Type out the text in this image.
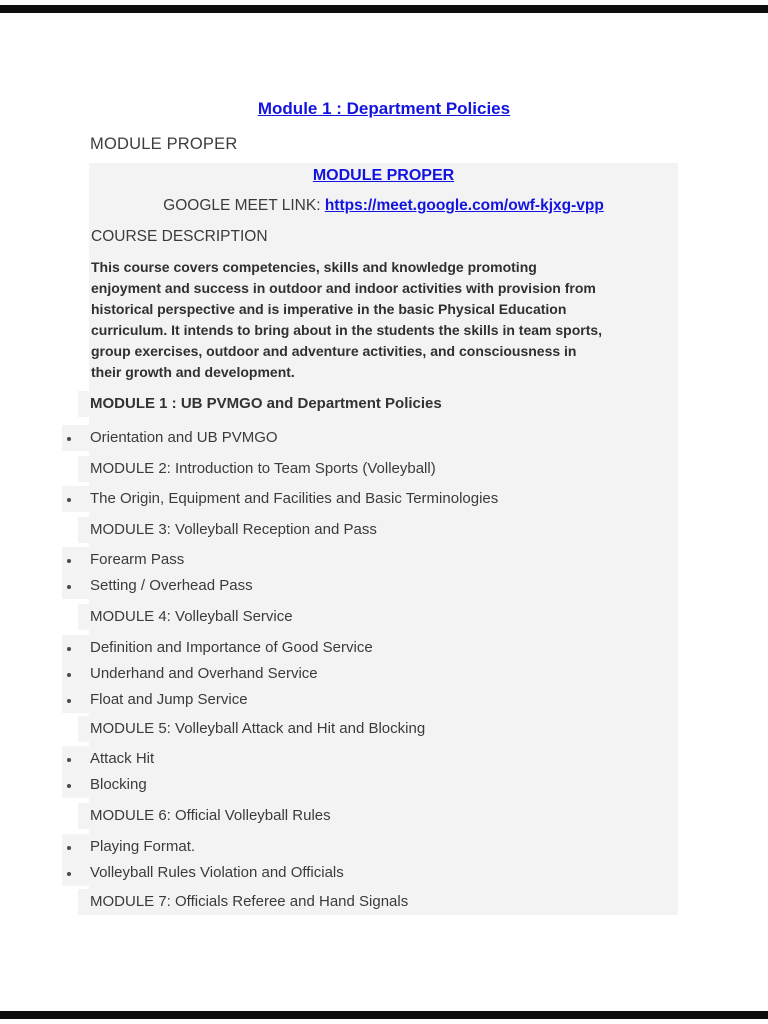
Module 1 : Department Policies
MODULE PROPER
MODULE PROPER
GOOGLE MEET LINK: https://meet.google.com/owf-kjxg-vpp
COURSE DESCRIPTION
This course covers competencies, skills and knowledge promoting
enjoyment and success in outdoor and indoor activities with provision from
historical perspective and is imperative in the basic Physical Education
curriculum. It intends to bring about in the students the skills in team sports,
group exercises, outdoor and adventure activities, and consciousness in
their growth and development.
MODULE 1 : UB PVMGO and Department Policies
Orientation and UB PVMGO
MODULE 2: Introduction to Team Sports (Volleyball)
The Origin, Equipment and Facilities and Basic Terminologies
MODULE 3: Volleyball Reception and Pass
Forearm Pass
Setting / Overhead Pass
MODULE 4: Volleyball Service
Definition and Importance of Good Service
Underhand and Overhand Service
Float and Jump Service
MODULE 5: Volleyball Attack and Hit and Blocking
Attack Hit
Blocking
MODULE 6: Official Volleyball Rules
Playing Format.
Volleyball Rules Violation and Officials
MODULE 7: Officials Referee and Hand Signals
